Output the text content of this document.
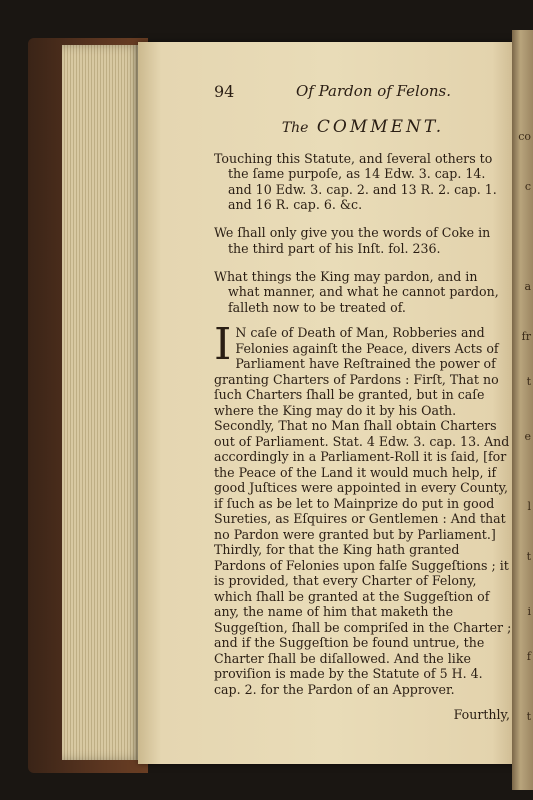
co
c
a
fr
t
e
l
t
i
f
t
94	Of Pardon of Felons.
The COMMENT.

Touching this Statute, and ſeveral others to the ſame purpoſe, as 14 Edw. 3. cap. 14. and 10 Edw. 3. cap. 2. and 13 R. 2. cap. 1. and 16 R. cap. 6. &c.

We ſhall only give you the words of Coke in the third part of his Inſt. fol. 236.

What things the King may pardon, and in what manner, and what he cannot pardon, falleth now to be treated of.

I N caſe of Death of Man, Robberies and Felonies againſt the Peace, divers Acts of Parliament have Reſtrained the power of granting Charters of Pardons : Firſt, That no ſuch Charters ſhall be granted, but in caſe where the King may do it by his Oath. Secondly, That no Man ſhall obtain Charters out of Parliament. Stat. 4 Edw. 3. cap. 13. And accordingly in a Parliament-Roll it is ſaid, [for the Peace of the Land it would much help, if good Juſtices were appointed in every County, if ſuch as be let to Mainprize do put in good Sureties, as Eſquires or Gentlemen : And that no Pardon were granted but by Parliament.] Thirdly, for that the King hath granted Pardons of Felonies upon falſe Suggeſtions ; it is provided, that every Charter of Felony, which ſhall be granted at the Suggeſtion of any, the name of him that maketh the Suggeſtion, ſhall be compriſed in the Charter ; and if the Suggeſtion be found untrue, the Charter ſhall be diſallowed. And the like proviſion is made by the Statute of 5 H. 4. cap. 2. for the Pardon of an Approver.

Fourthly,
